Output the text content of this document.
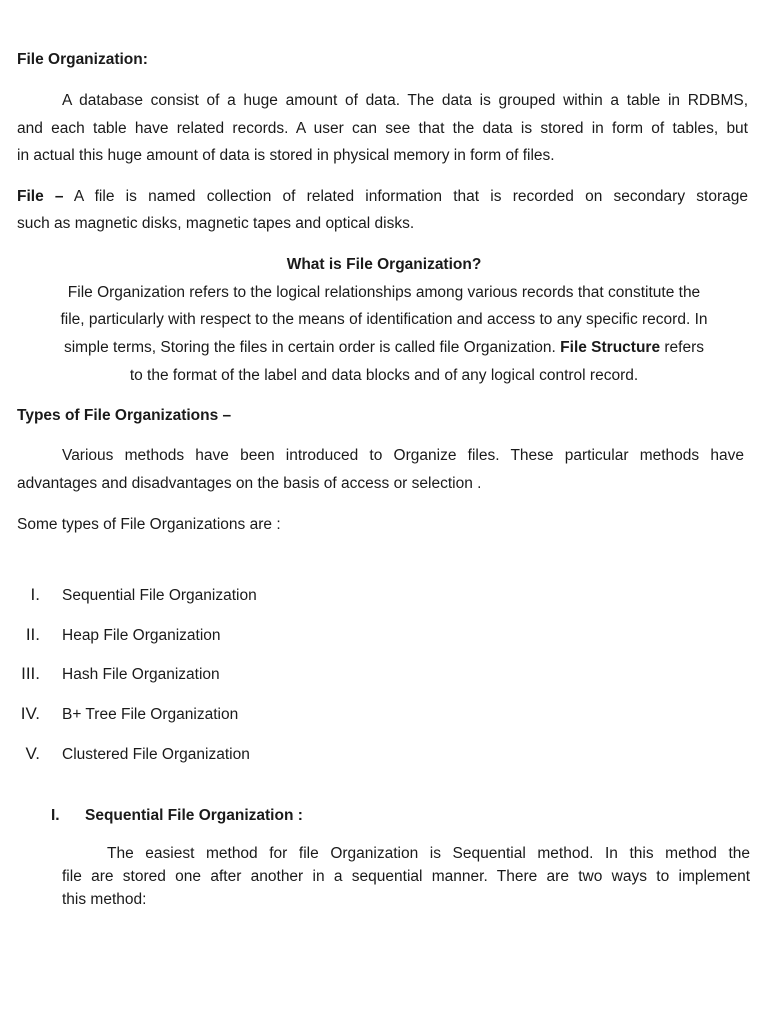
File Organization:
A database consist of a huge amount of data. The data is grouped within a table in RDBMS,
and each table have related records. A user can see that the data is stored in form of tables, but
in actual this huge amount of data is stored in physical memory in form of files.
File – A file is named collection of related information that is recorded on secondary storage
such as magnetic disks, magnetic tapes and optical disks.
What is File Organization?
File Organization refers to the logical relationships among various records that constitute the
file, particularly with respect to the means of identification and access to any specific record. In
simple terms, Storing the files in certain order is called file Organization. File Structure refers
to the format of the label and data blocks and of any logical control record.
Types of File Organizations –
Various methods have been introduced to Organize files. These particular methods have
advantages and disadvantages on the basis of access or selection .
Some types of File Organizations are :
I. Sequential File Organization
II. Heap File Organization
III. Hash File Organization
IV. B+ Tree File Organization
V. Clustered File Organization
I. Sequential File Organization :
The easiest method for file Organization is Sequential method. In this method the
file are stored one after another in a sequential manner. There are two ways to implement
this method:
